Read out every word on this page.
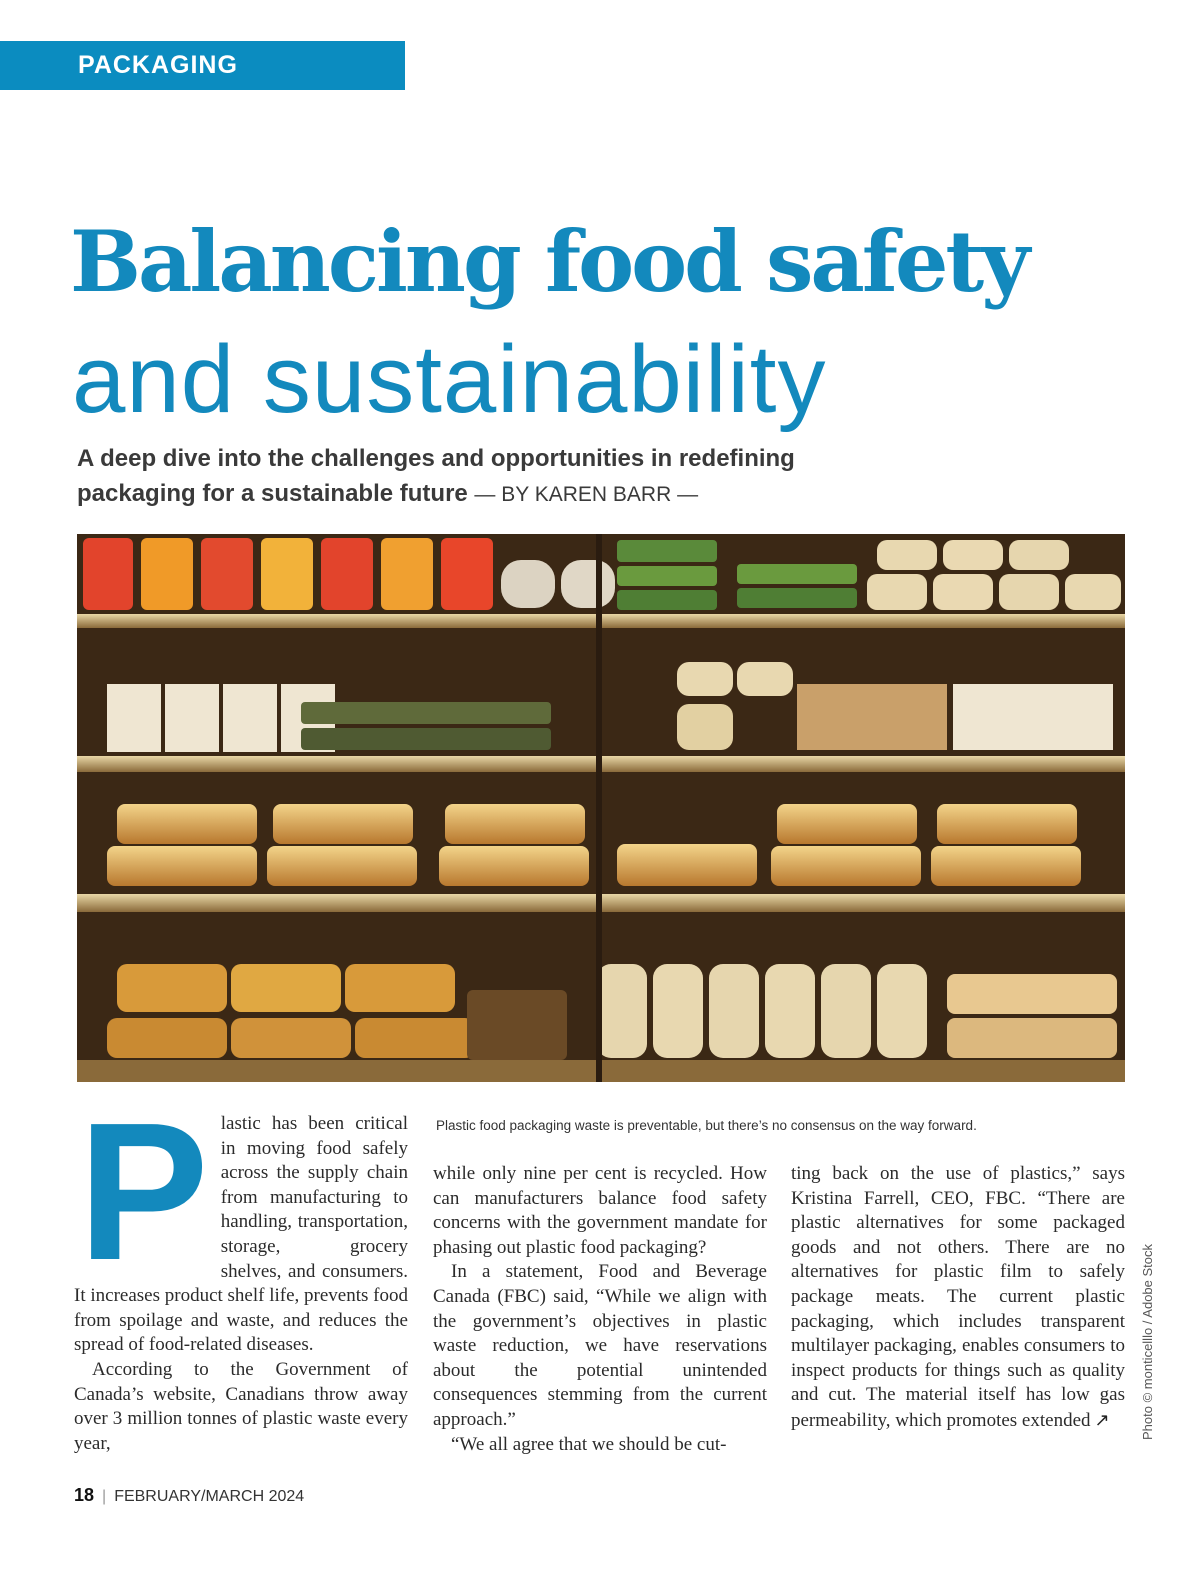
PACKAGING
Balancing food safety
and sustainability
A deep dive into the challenges and opportunities in redefining
packaging for a sustainable future — BY KAREN BARR —
Plastic food packaging waste is preventable, but there’s no consensus on the way forward.
P lastic has been critical in moving food safely across the supply chain from manufacturing to handling, transportation, storage, grocery shelves, and consumers. It increases product shelf life, prevents food from spoilage and waste, and reduces the spread of food-related diseases.

According to the Government of Canada’s website, Canadians throw away over 3 million tonnes of plastic waste every year,

while only nine per cent is recycled. How can manufacturers balance food safety concerns with the government mandate for phasing out plastic food packaging?

In a statement, Food and Beverage Canada (FBC) said, “While we align with the government’s objectives in plastic waste reduction, we have reservations about the potential unintended consequences stemming from the current approach.”

“We all agree that we should be cut-

ting back on the use of plastics,” says Kristina Farrell, CEO, FBC. “There are plastic alternatives for some packaged goods and not others. There are no alternatives for plastic film to safely package meats. The current plastic packaging, which includes transparent multilayer packaging, enables consumers to inspect products for things such as quality and cut. The material itself has low gas permeability, which promotes extended ↗	Photo © monticelllo / Adobe Stock
18 | FEBRUARY/MARCH 2024
